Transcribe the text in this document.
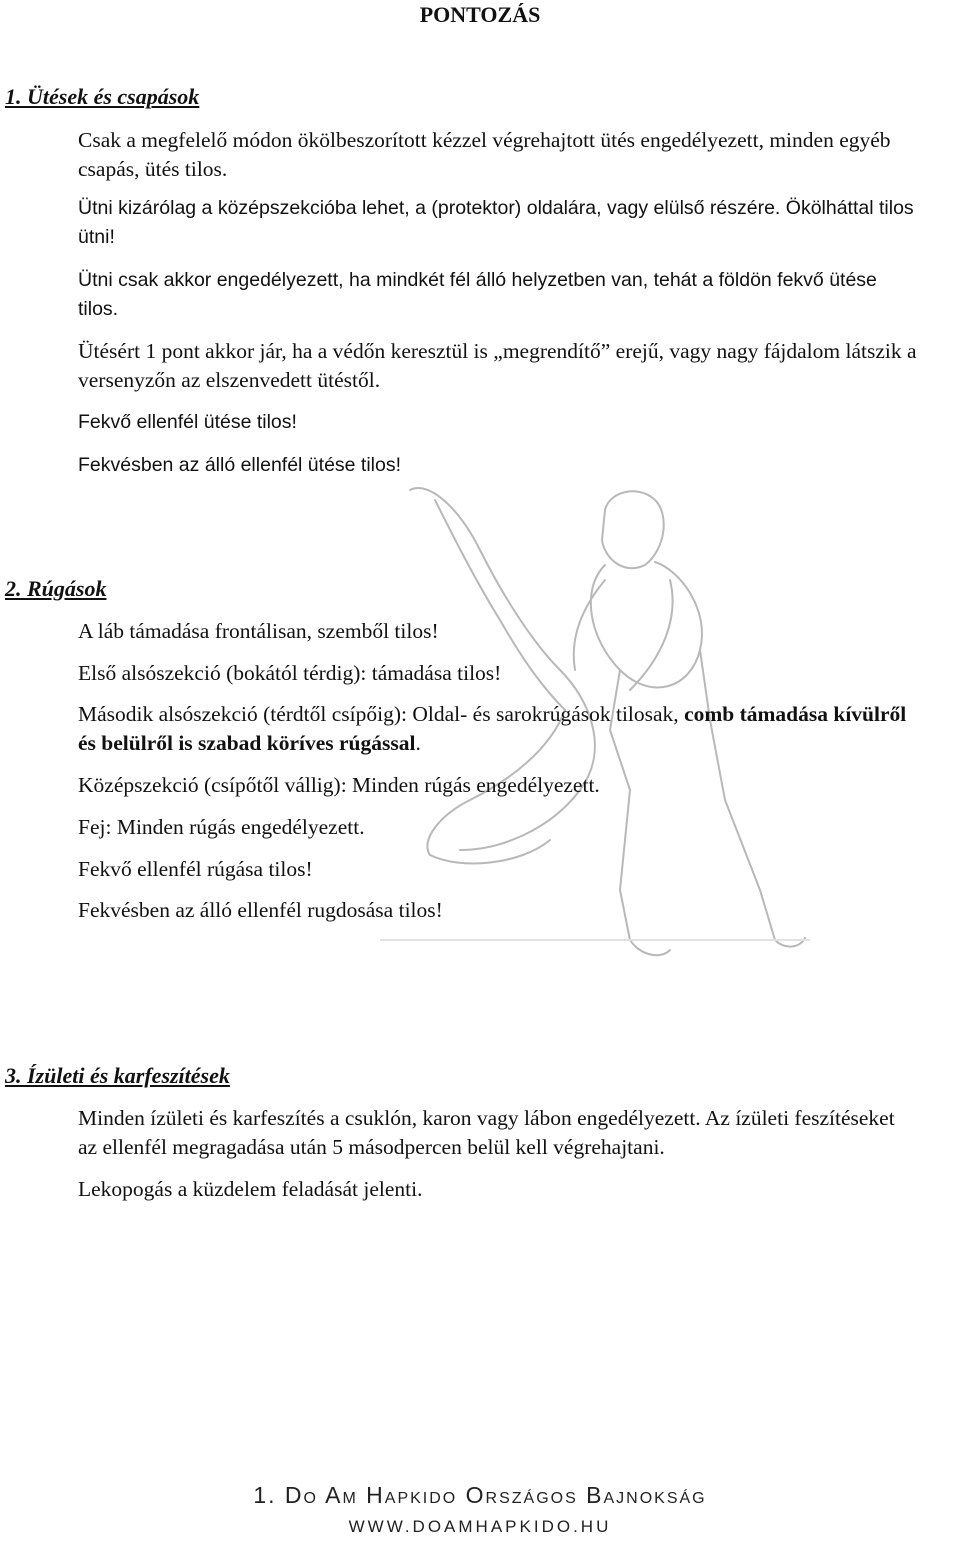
PONTOZÁS
1. Ütések és csapások
Csak a megfelelő módon ökölbeszorított kézzel végrehajtott ütés engedélyezett, minden egyéb csapás, ütés tilos.
Ütni kizárólag a középszekcióba lehet, a (protektor) oldalára, vagy elülső részére. Ökölháttal tilos ütni!
Ütni csak akkor engedélyezett, ha mindkét fél álló helyzetben van, tehát a földön fekvő ütése tilos.
Ütésért 1 pont akkor jár, ha a védőn keresztül is „megrendítő” erejű, vagy nagy fájdalom látszik a versenyzőn az elszenvedett ütéstől.
Fekvő ellenfél ütése tilos!
Fekvésben az álló ellenfél ütése tilos!
2. Rúgások
A láb támadása frontálisan, szemből tilos!
Első alsószekció (bokától térdig): támadása tilos!
Második alsószekció (térdtől csípőig): Oldal- és sarokrúgások tilosak, comb támadása kívülről és belülről is szabad köríves rúgással.
Középszekció (csípőtől vállig): Minden rúgás engedélyezett.
Fej: Minden rúgás engedélyezett.
Fekvő ellenfél rúgása tilos!
Fekvésben az álló ellenfél rugdosása tilos!
3. Ízületi és karfeszítések
Minden ízületi és karfeszítés a csuklón, karon vagy lábon engedélyezett. Az ízületi feszítéseket az ellenfél megragadása után 5 másodpercen belül kell végrehajtani.
Lekopogás a küzdelem feladását jelenti.
1. Do Am Hapkido Országos Bajnokság
WWW.DOAMHAPKIDO.HU
